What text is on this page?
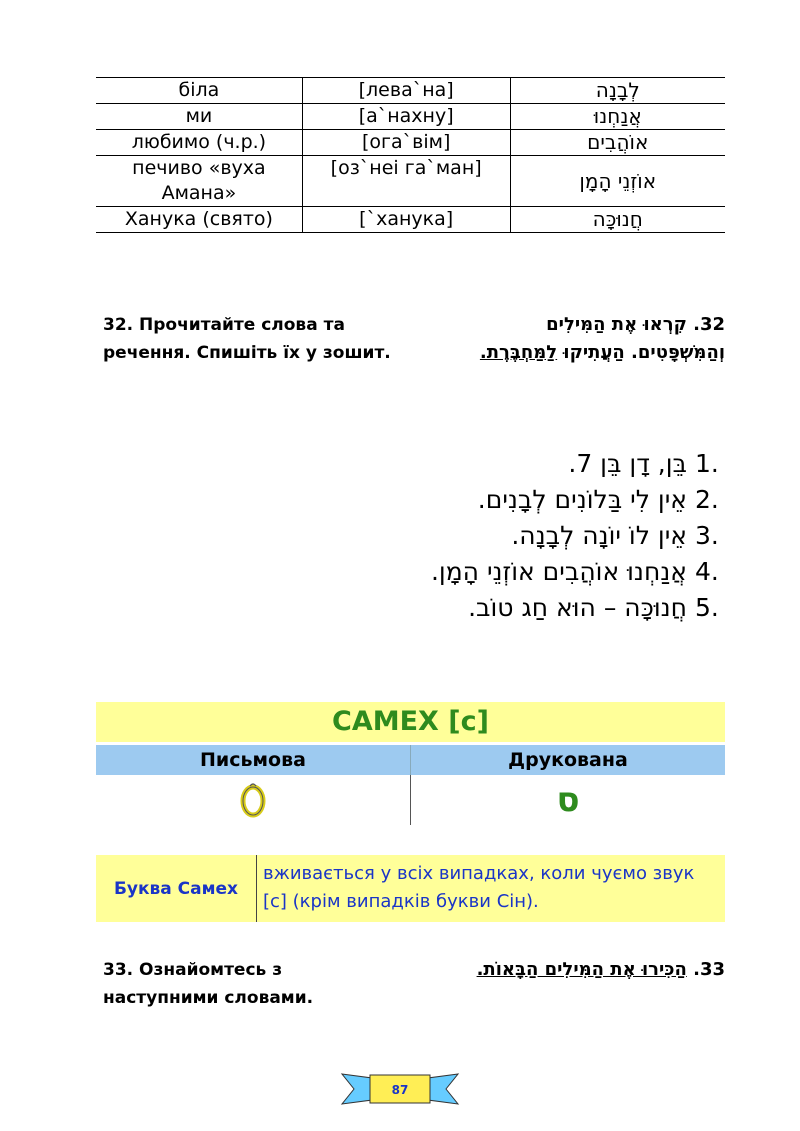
біла	[лева`на]	לְבָנָה
ми	[а`нахну]	אֲנַחְנוּ
любимо (ч.р.)	[ога`вім]	אוֹהֲבִים
печиво «вуха Амана»	[оз`неі га`ман]	אוֹזְנֵי הָמָן
Ханука (свято)	[`ханука]	חֲנוּכָּה
32. Прочитайте слова та речення. Спишіть їх у зошит.
32. קִרְאוּ אֶת הַמִּילִים וְהַמִּשְׁפָּטִים. הַעֲתִיקוּ לַמַּחְבֶּרֶת.
1.
בֵּן, דָן בֵּן 7.
2.
אֵין לִי בַּלוֹנִים לְבָנִים.
3.
אֵין לוֹ יוֹנָה לְבָנָה.
4.
אֲנַחְנוּ אוֹהֲבִים אוֹזְנֵי הָמָן.
5.
חֲנוּכָּה – הוּא חַג טוֹב.
САМЕХ [с]
Письмова	Друкована
ס
Буква Самех
вживається у всіх випадках, коли чуємо звук [с] (крім випадків букви Сін).
33. Ознайомтесь з наступними словами.
33. הַכִּירוּ אֶת הַמִּילִים הַבָּאוֹת.
87
